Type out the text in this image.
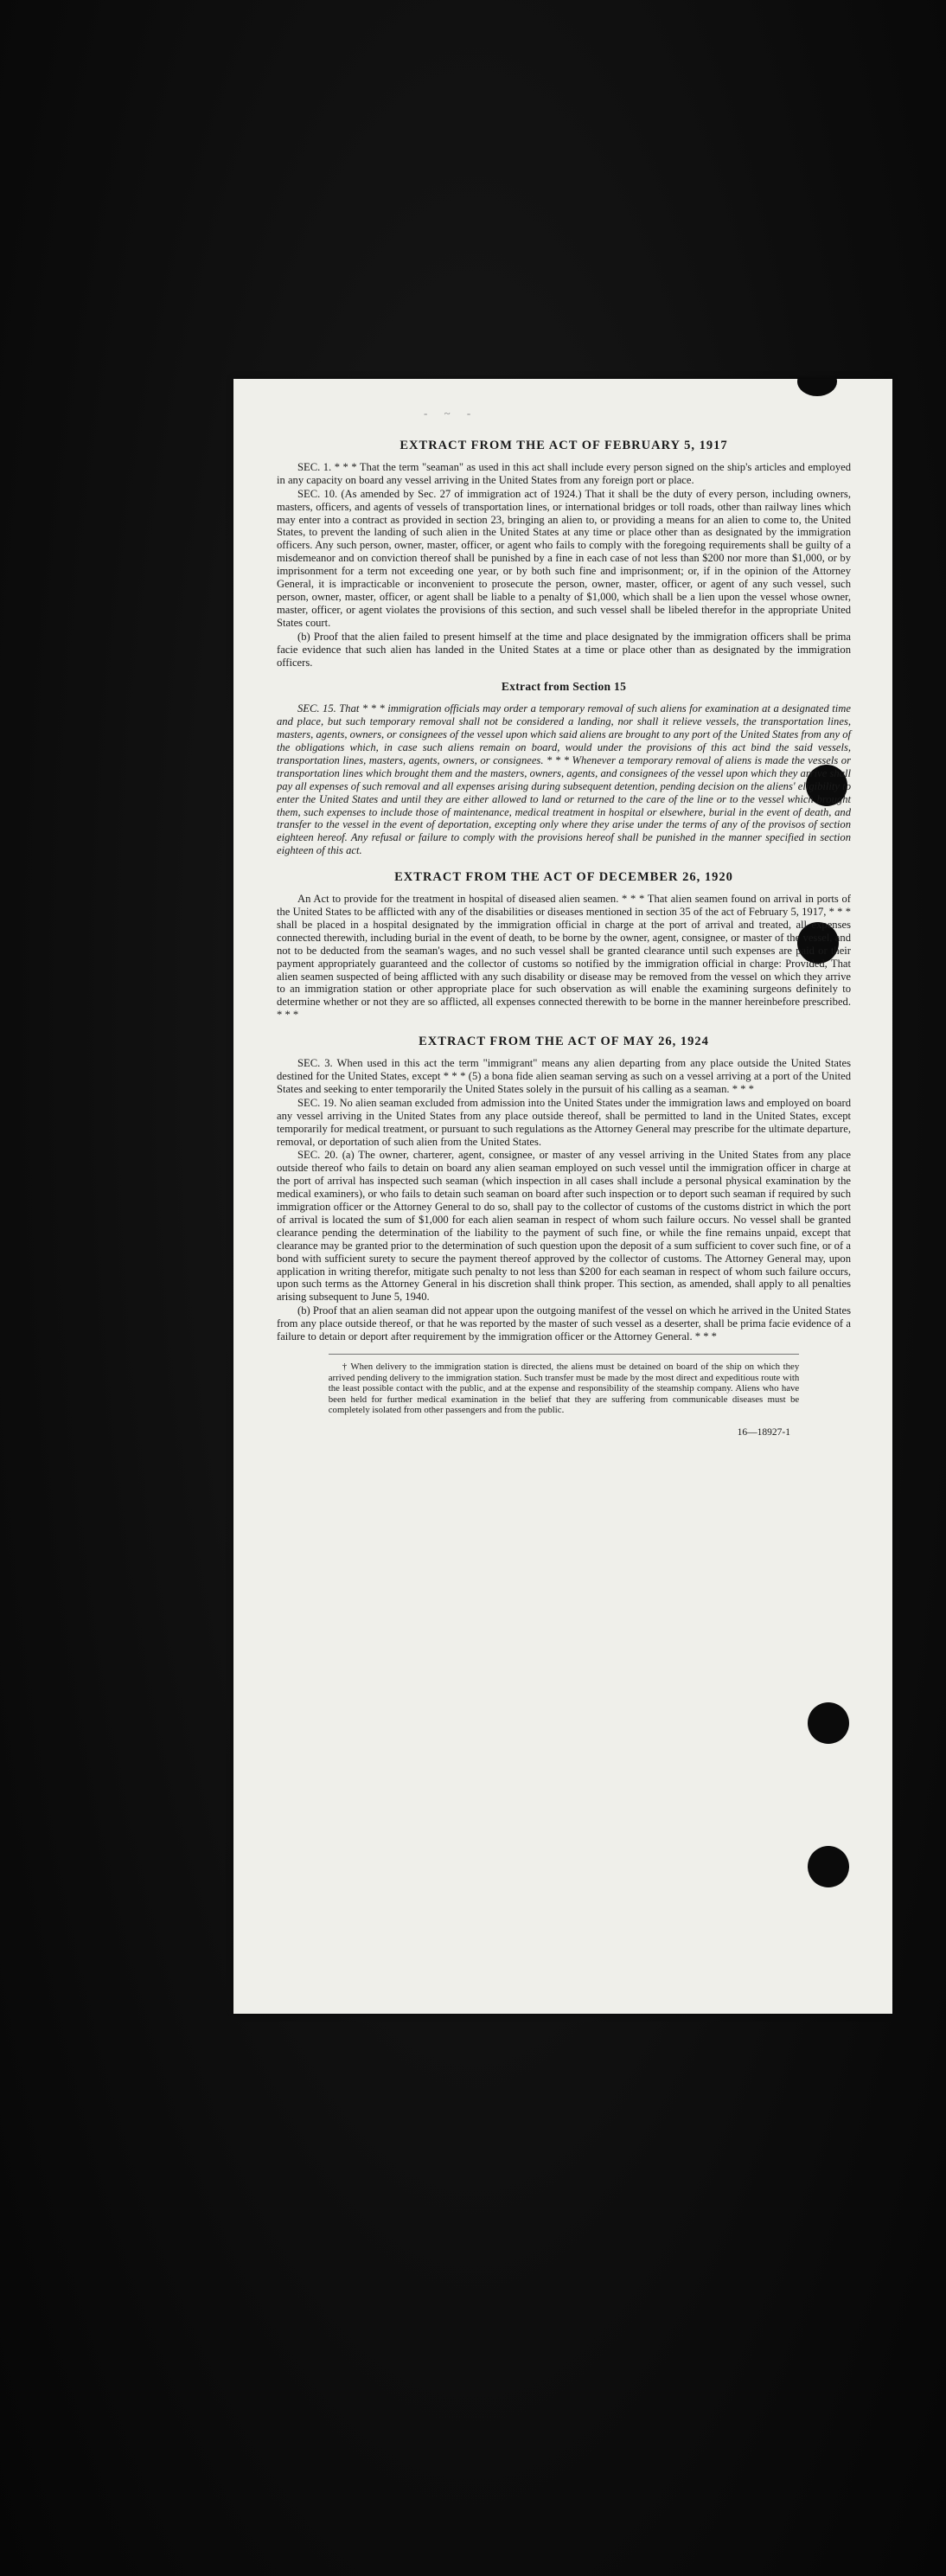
- ~ -
EXTRACT FROM THE ACT OF FEBRUARY 5, 1917

SEC. 1. * * * That the term "seaman" as used in this act shall include every person signed on the ship's articles and employed in any capacity on board any vessel arriving in the United States from any foreign port or place.

SEC. 10. (As amended by Sec. 27 of immigration act of 1924.) That it shall be the duty of every person, including owners, masters, officers, and agents of vessels of transportation lines, or international bridges or toll roads, other than railway lines which may enter into a contract as provided in section 23, bringing an alien to, or providing a means for an alien to come to, the United States, to prevent the landing of such alien in the United States at any time or place other than as designated by the immigration officers. Any such person, owner, master, officer, or agent who fails to comply with the foregoing requirements shall be guilty of a misdemeanor and on conviction thereof shall be punished by a fine in each case of not less than $200 nor more than $1,000, or by imprisonment for a term not exceeding one year, or by both such fine and imprisonment; or, if in the opinion of the Attorney General, it is impracticable or inconvenient to prosecute the person, owner, master, officer, or agent of any such vessel, such person, owner, master, officer, or agent shall be liable to a penalty of $1,000, which shall be a lien upon the vessel whose owner, master, officer, or agent violates the provisions of this section, and such vessel shall be libeled therefor in the appropriate United States court.

(b) Proof that the alien failed to present himself at the time and place designated by the immigration officers shall be prima facie evidence that such alien has landed in the United States at a time or place other than as designated by the immigration officers.

Extract from Section 15

SEC. 15. That * * * immigration officials may order a temporary removal of such aliens for examination at a designated time and place, but such temporary removal shall not be considered a landing, nor shall it relieve vessels, the transportation lines, masters, agents, owners, or consignees of the vessel upon which said aliens are brought to any port of the United States from any of the obligations which, in case such aliens remain on board, would under the provisions of this act bind the said vessels, transportation lines, masters, agents, owners, or consignees. * * * Whenever a temporary removal of aliens is made the vessels or transportation lines which brought them and the masters, owners, agents, and consignees of the vessel upon which they arrive shall pay all expenses of such removal and all expenses arising during subsequent detention, pending decision on the aliens' eligibility to enter the United States and until they are either allowed to land or returned to the care of the line or to the vessel which brought them, such expenses to include those of maintenance, medical treatment in hospital or elsewhere, burial in the event of death, and transfer to the vessel in the event of deportation, excepting only where they arise under the terms of any of the provisos of section eighteen hereof. Any refusal or failure to comply with the provisions hereof shall be punished in the manner specified in section eighteen of this act.

EXTRACT FROM THE ACT OF DECEMBER 26, 1920

An Act to provide for the treatment in hospital of diseased alien seamen. * * * That alien seamen found on arrival in ports of the United States to be afflicted with any of the disabilities or diseases mentioned in section 35 of the act of February 5, 1917, * * * shall be placed in a hospital designated by the immigration official in charge at the port of arrival and treated, all expenses connected therewith, including burial in the event of death, to be borne by the owner, agent, consignee, or master of the vessel, and not to be deducted from the seaman's wages, and no such vessel shall be granted clearance until such expenses are paid or their payment appropriately guaranteed and the collector of customs so notified by the immigration official in charge: Provided, That alien seamen suspected of being afflicted with any such disability or disease may be removed from the vessel on which they arrive to an immigration station or other appropriate place for such observation as will enable the examining surgeons definitely to determine whether or not they are so afflicted, all expenses connected therewith to be borne in the manner hereinbefore prescribed. * * *

EXTRACT FROM THE ACT OF MAY 26, 1924

SEC. 3. When used in this act the term "immigrant" means any alien departing from any place outside the United States destined for the United States, except * * * (5) a bona fide alien seaman serving as such on a vessel arriving at a port of the United States and seeking to enter temporarily the United States solely in the pursuit of his calling as a seaman. * * *

SEC. 19. No alien seaman excluded from admission into the United States under the immigration laws and employed on board any vessel arriving in the United States from any place outside thereof, shall be permitted to land in the United States, except temporarily for medical treatment, or pursuant to such regulations as the Attorney General may prescribe for the ultimate departure, removal, or deportation of such alien from the United States.

SEC. 20. (a) The owner, charterer, agent, consignee, or master of any vessel arriving in the United States from any place outside thereof who fails to detain on board any alien seaman employed on such vessel until the immigration officer in charge at the port of arrival has inspected such seaman (which inspection in all cases shall include a personal physical examination by the medical examiners), or who fails to detain such seaman on board after such inspection or to deport such seaman if required by such immigration officer or the Attorney General to do so, shall pay to the collector of customs of the customs district in which the port of arrival is located the sum of $1,000 for each alien seaman in respect of whom such failure occurs. No vessel shall be granted clearance pending the determination of the liability to the payment of such fine, or while the fine remains unpaid, except that clearance may be granted prior to the determination of such question upon the deposit of a sum sufficient to cover such fine, or of a bond with sufficient surety to secure the payment thereof approved by the collector of customs. The Attorney General may, upon application in writing therefor, mitigate such penalty to not less than $200 for each seaman in respect of whom such failure occurs, upon such terms as the Attorney General in his discretion shall think proper. This section, as amended, shall apply to all penalties arising subsequent to June 5, 1940.

(b) Proof that an alien seaman did not appear upon the outgoing manifest of the vessel on which he arrived in the United States from any place outside thereof, or that he was reported by the master of such vessel as a deserter, shall be prima facie evidence of a failure to detain or deport after requirement by the immigration officer or the Attorney General. * * *

† When delivery to the immigration station is directed, the aliens must be detained on board of the ship on which they arrived pending delivery to the immigration station. Such transfer must be made by the most direct and expeditious route with the least possible contact with the public, and at the expense and responsibility of the steamship company. Aliens who have been held for further medical examination in the belief that they are suffering from communicable diseases must be completely isolated from other passengers and from the public.

16—18927-1
